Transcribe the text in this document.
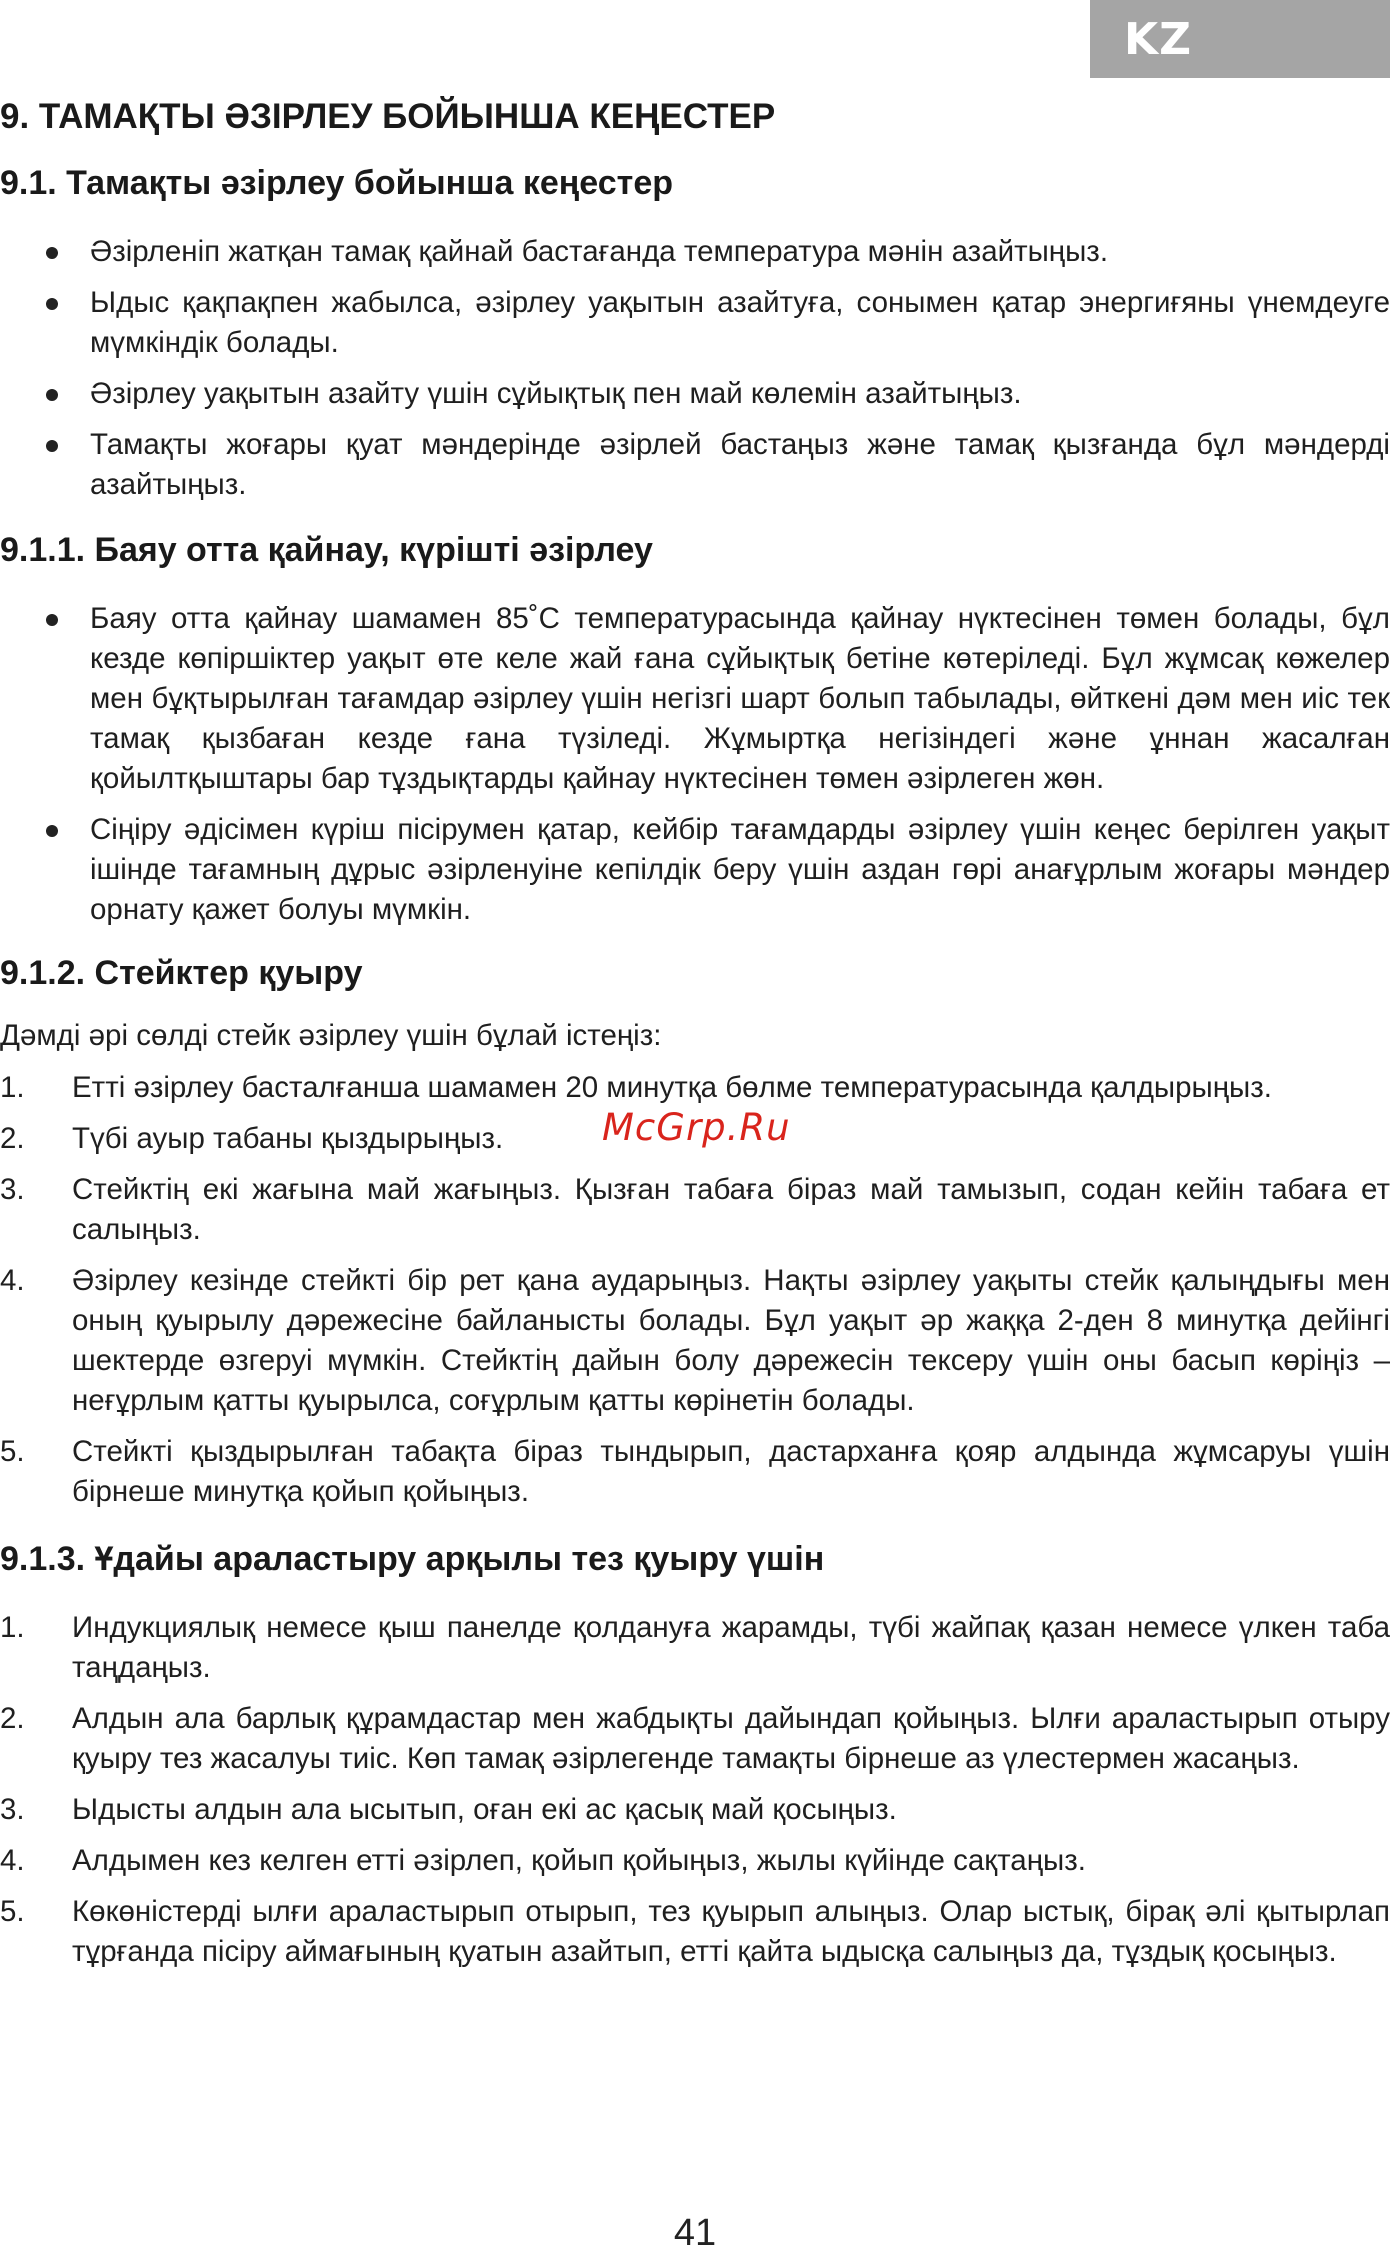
KZ
9. ТАМАҚТЫ ӘЗІРЛЕУ БОЙЫНША КЕҢЕСТЕР
9.1. Тамақты әзірлеу бойынша кеңестер
Әзірленіп жатқан тамақ қайнай бастағанда температура мәнін азайтыңыз.
Ыдыс қақпақпен жабылса, әзірлеу уақытын азайтуға, сонымен қатар энергиғяны үнемдеуге мүмкіндік болады.
Әзірлеу уақытын азайту үшін сұйықтық пен май көлемін азайтыңыз.
Тамақты жоғары қуат мәндерінде әзірлей бастаңыз және тамақ қызғанда бұл мәндерді азайтыңыз.
9.1.1. Баяу отта қайнау, күрішті әзірлеу
Баяу отта қайнау шамамен 85˚С температурасында қайнау нүктесінен төмен болады, бұл кезде көпіршіктер уақыт өте келе жай ғана сұйықтық бетіне көтеріледі. Бұл жұмсақ көжелер мен бұқтырылған тағамдар әзірлеу үшін негізгі шарт болып табылады, өйткені дәм мен иіс тек тамақ қызбаған кезде ғана түзіледі. Жұмыртқа негізіндегі және ұннан жасалған қойылтқыштары бар тұздықтарды қайнау нүктесінен төмен әзірлеген жөн.
Сіңіру әдісімен күріш пісірумен қатар, кейбір тағамдарды әзірлеу үшін кеңес берілген уақыт ішінде тағамның дұрыс әзірленуіне кепілдік беру үшін аздан гөрі анағұрлым жоғары мәндер орнату қажет болуы мүмкін.
9.1.2. Стейктер қуыру

Дәмді әрі сөлді стейк әзірлеу үшін бұлай істеңіз:

1. Етті әзірлеу басталғанша шамамен 20 минутқа бөлме температурасында қалдырыңыз.
2. Түбі ауыр табаны қыздырыңыз.
3. Стейктің екі жағына май жағыңыз. Қызған табаға біраз май тамызып, содан кейін табаға ет салыңыз.
4. Әзірлеу кезінде стейкті бір рет қана аударыңыз. Нақты әзірлеу уақыты стейк қалыңдығы мен оның қуырылу дәрежесіне байланысты болады. Бұл уақыт әр жаққа 2-ден 8 минутқа дейінгі шектерде өзгеруі мүмкін. Стейктің дайын болу дәрежесін тексеру үшін оны басып көріңіз – неғұрлым қатты қуырылса, соғұрлым қатты көрінетін болады.
5. Стейкті қыздырылған табақта біраз тындырып, дастарханға қояр алдында жұмсаруы үшін бірнеше минутқа қойып қойыңыз.
9.1.3. Ұдайы араластыру арқылы тез қуыру үшін
1. Индукциялық немесе қыш панелде қолдануға жарамды, түбі жайпақ қазан немесе үлкен таба таңдаңыз.
2. Алдын ала барлық құрамдастар мен жабдықты дайындап қойыңыз. Ылғи араластырып отыру қуыру тез жасалуы тиіс. Көп тамақ әзірлегенде тамақты бірнеше аз үлестермен жасаңыз.
3. Ыдысты алдын ала ысытып, оған екі ас қасық май қосыңыз.
4. Алдымен кез келген етті әзірлеп, қойып қойыңыз, жылы күйінде сақтаңыз.
5. Көкөністерді ылғи араластырып отырып, тез қуырып алыңыз. Олар ыстық, бірақ әлі қытырлап тұрғанда пісіру аймағының қуатын азайтып, етті қайта ыдысқа салыңыз да, тұздық қосыңыз.
McGrp.Ru
41
